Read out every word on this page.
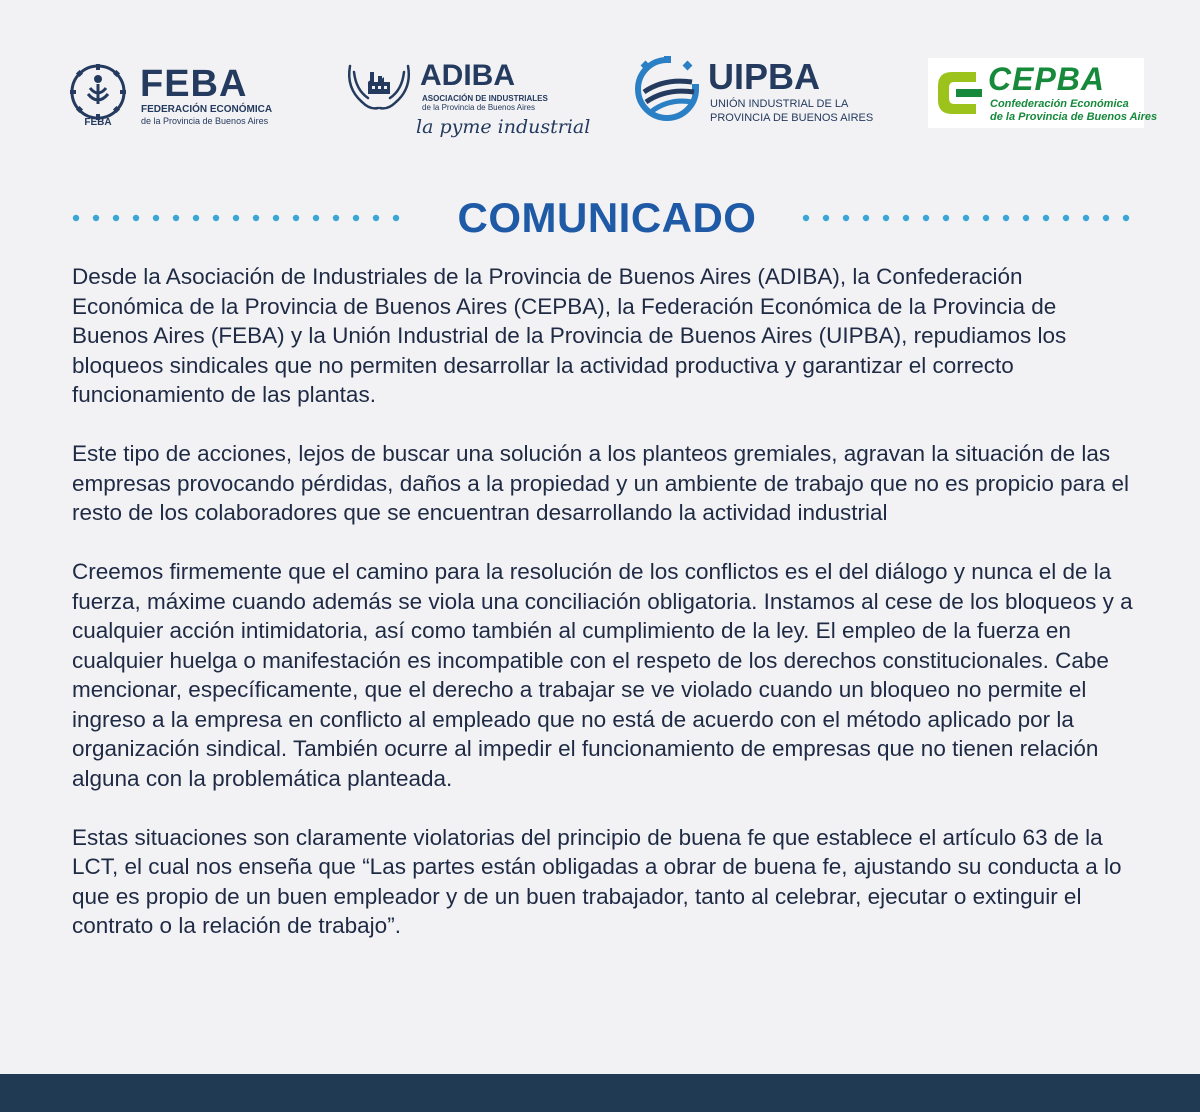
FEBA
FEBA
FEDERACIÓN ECONÓMICA
de la Provincia de Buenos Aires
ADIBA
ASOCIACIÓN DE INDUSTRIALES
de la Provincia de Buenos Aires
la pyme industrial
UIPBA
UNIÓN INDUSTRIAL DE LA
PROVINCIA DE BUENOS AIRES
CEPBA
Confederación Económica
de la Provincia de Buenos Aires
COMUNICADO

Desde la Asociación de Industriales de la Provincia de Buenos Aires (ADIBA), la Confederación Económica de la Provincia de Buenos Aires (CEPBA), la Federación Económica de la Provincia de Buenos Aires (FEBA) y la Unión Industrial de la Provincia de Buenos Aires (UIPBA), repudiamos los bloqueos sindicales que no permiten desarrollar la actividad productiva y garantizar el correcto funcionamiento de las plantas.

Este tipo de acciones, lejos de buscar una solución a los planteos gremiales, agravan la situación de las empresas provocando pérdidas, daños a la propiedad y un ambiente de trabajo que no es propicio para el resto de los colaboradores que se encuentran desarrollando la actividad industrial

Creemos firmemente que el camino para la resolución de los conflictos es el del diálogo y nunca el de la fuerza, máxime cuando además se viola una conciliación obligatoria. Instamos al cese de los bloqueos y a cualquier acción intimidatoria, así como también al cumplimiento de la ley. El empleo de la fuerza en cualquier huelga o manifestación es incompatible con el respeto de los derechos constitucionales. Cabe mencionar, específicamente, que el derecho a trabajar se ve violado cuando un bloqueo no permite el ingreso a la empresa en conflicto al empleado que no está de acuerdo con el método aplicado por la organización sindical. También ocurre al impedir el funcionamiento de empresas que no tienen relación alguna con la problemática planteada.

Estas situaciones son claramente violatorias del principio de buena fe que establece el artículo 63 de la LCT, el cual nos enseña que “Las partes están obligadas a obrar de buena fe, ajustando su conducta a lo que es propio de un buen empleador y de un buen trabajador, tanto al celebrar, ejecutar o extinguir el contrato o la relación de trabajo”.
